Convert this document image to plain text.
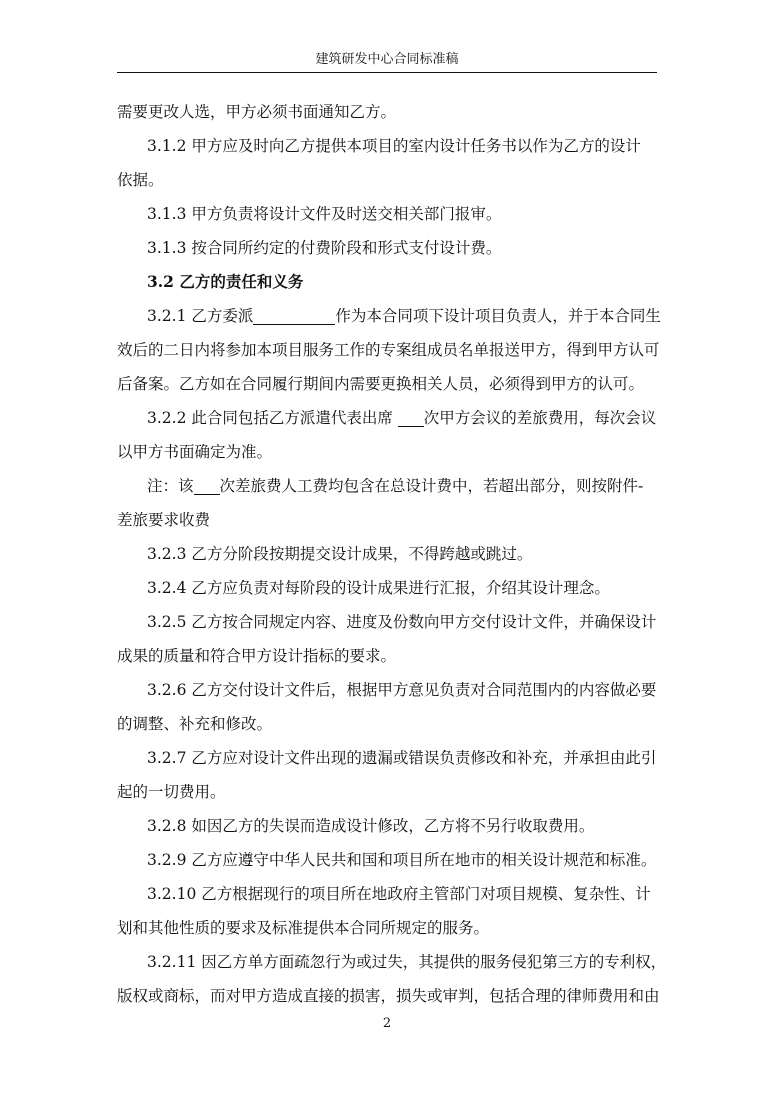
建筑研发中心合同标准稿
需要更改人选，甲方必须书面通知乙方。
3.1.2 甲方应及时向乙方提供本项目的室内设计任务书以作为乙方的设计
依据。
3.1.3 甲方负责将设计文件及时送交相关部门报审。
3.1.3 按合同所约定的付费阶段和形式支付设计费。
3.2 乙方的责任和义务
3.2.1 乙方委派	作为本合同项下设计项目负责人，并于本合同生
效后的二日内将参加本项目服务工作的专案组成员名单报送甲方，得到甲方认可
后备案。乙方如在合同履行期间内需要更换相关人员，必须得到甲方的认可。
3.2.2 此合同包括乙方派遣代表出席 次甲方会议的差旅费用，每次会议
以甲方书面确定为准。
注：该 次差旅费人工费均包含在总设计费中，若超出部分，则按附件-
差旅要求收费
3.2.3 乙方分阶段按期提交设计成果，不得跨越或跳过。
3.2.4 乙方应负责对每阶段的设计成果进行汇报，介绍其设计理念。
3.2.5 乙方按合同规定内容、进度及份数向甲方交付设计文件，并确保设计
成果的质量和符合甲方设计指标的要求。
3.2.6 乙方交付设计文件后，根据甲方意见负责对合同范围内的内容做必要
的调整、补充和修改。
3.2.7 乙方应对设计文件出现的遗漏或错误负责修改和补充，并承担由此引
起的一切费用。
3.2.8 如因乙方的失误而造成设计修改，乙方将不另行收取费用。
3.2.9 乙方应遵守中华人民共和国和项目所在地市的相关设计规范和标准。
3.2.10 乙方根据现行的项目所在地政府主管部门对项目规模、复杂性、计
划和其他性质的要求及标准提供本合同所规定的服务。
3.2.11 因乙方单方面疏忽行为或过失，其提供的服务侵犯第三方的专利权，
版权或商标，而对甲方造成直接的损害，损失或审判，包括合理的律师费用和由
2
